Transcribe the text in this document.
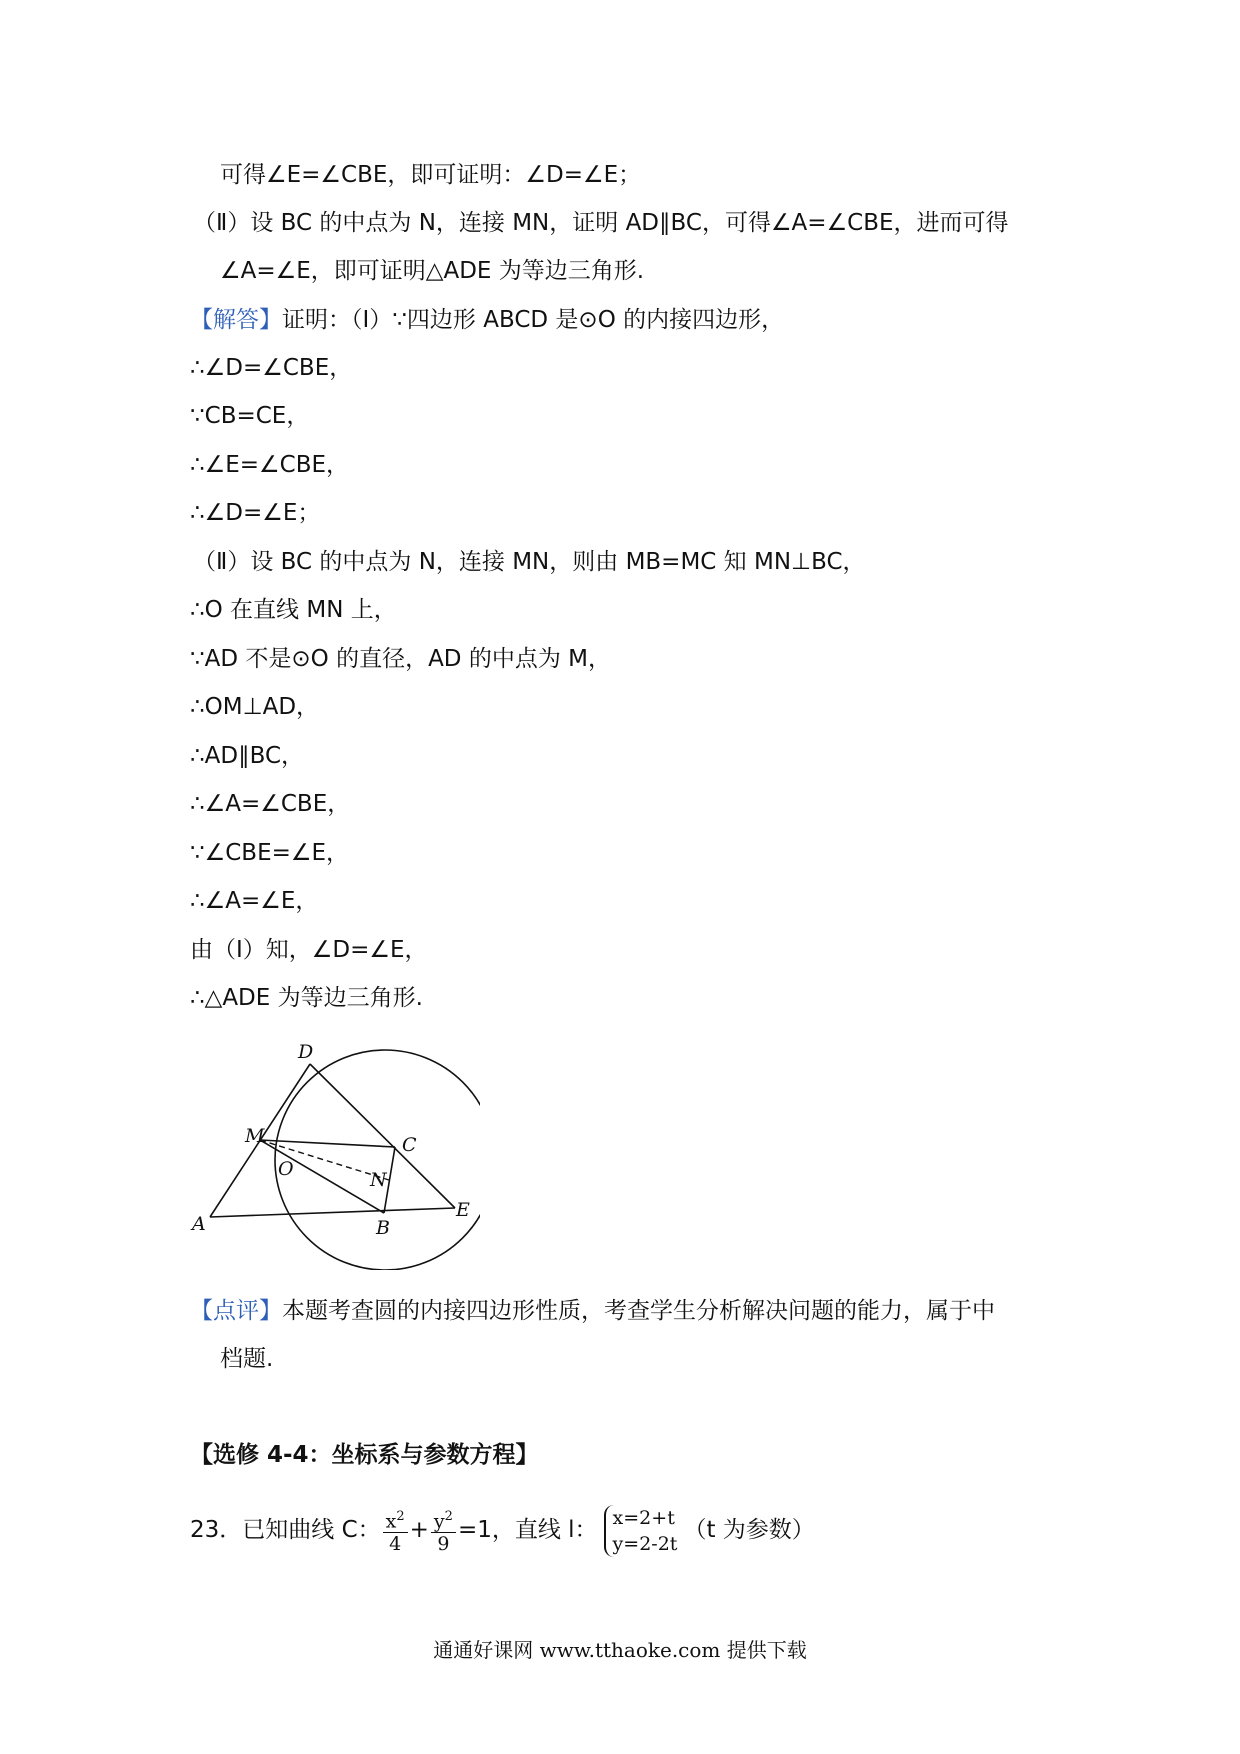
可得∠E=∠CBE，即可证明：∠D=∠E；
（Ⅱ）设 BC 的中点为 N，连接 MN，证明 AD∥BC，可得∠A=∠CBE，进而可得
∠A=∠E，即可证明△ADE 为等边三角形.
【解答】证明：（Ⅰ）∵四边形 ABCD 是⊙O 的内接四边形，
∴∠D=∠CBE，
∵CB=CE，
∴∠E=∠CBE，
∴∠D=∠E；
（Ⅱ）设 BC 的中点为 N，连接 MN，则由 MB=MC 知 MN⊥BC，
∴O 在直线 MN 上，
∵AD 不是⊙O 的直径，AD 的中点为 M，
∴OM⊥AD，
∴AD∥BC，
∴∠A=∠CBE，
∵∠CBE=∠E，
∴∠A=∠E，
由（Ⅰ）知，∠D=∠E，
∴△ADE 为等边三角形.
D
C
M
O	N
A	B
E
【点评】本题考查圆的内接四边形性质，考查学生分析解决问题的能力，属于中
档题.
【选修 4-4：坐标系与参数方程】
23．已知曲线 C： $\frac{x^2}{4} + \frac{y^2}{9} =1$，直线 l： x=2+t
y=2-2t
（t 为参数）
通通好课网 www.tthaoke.com 提供下载
